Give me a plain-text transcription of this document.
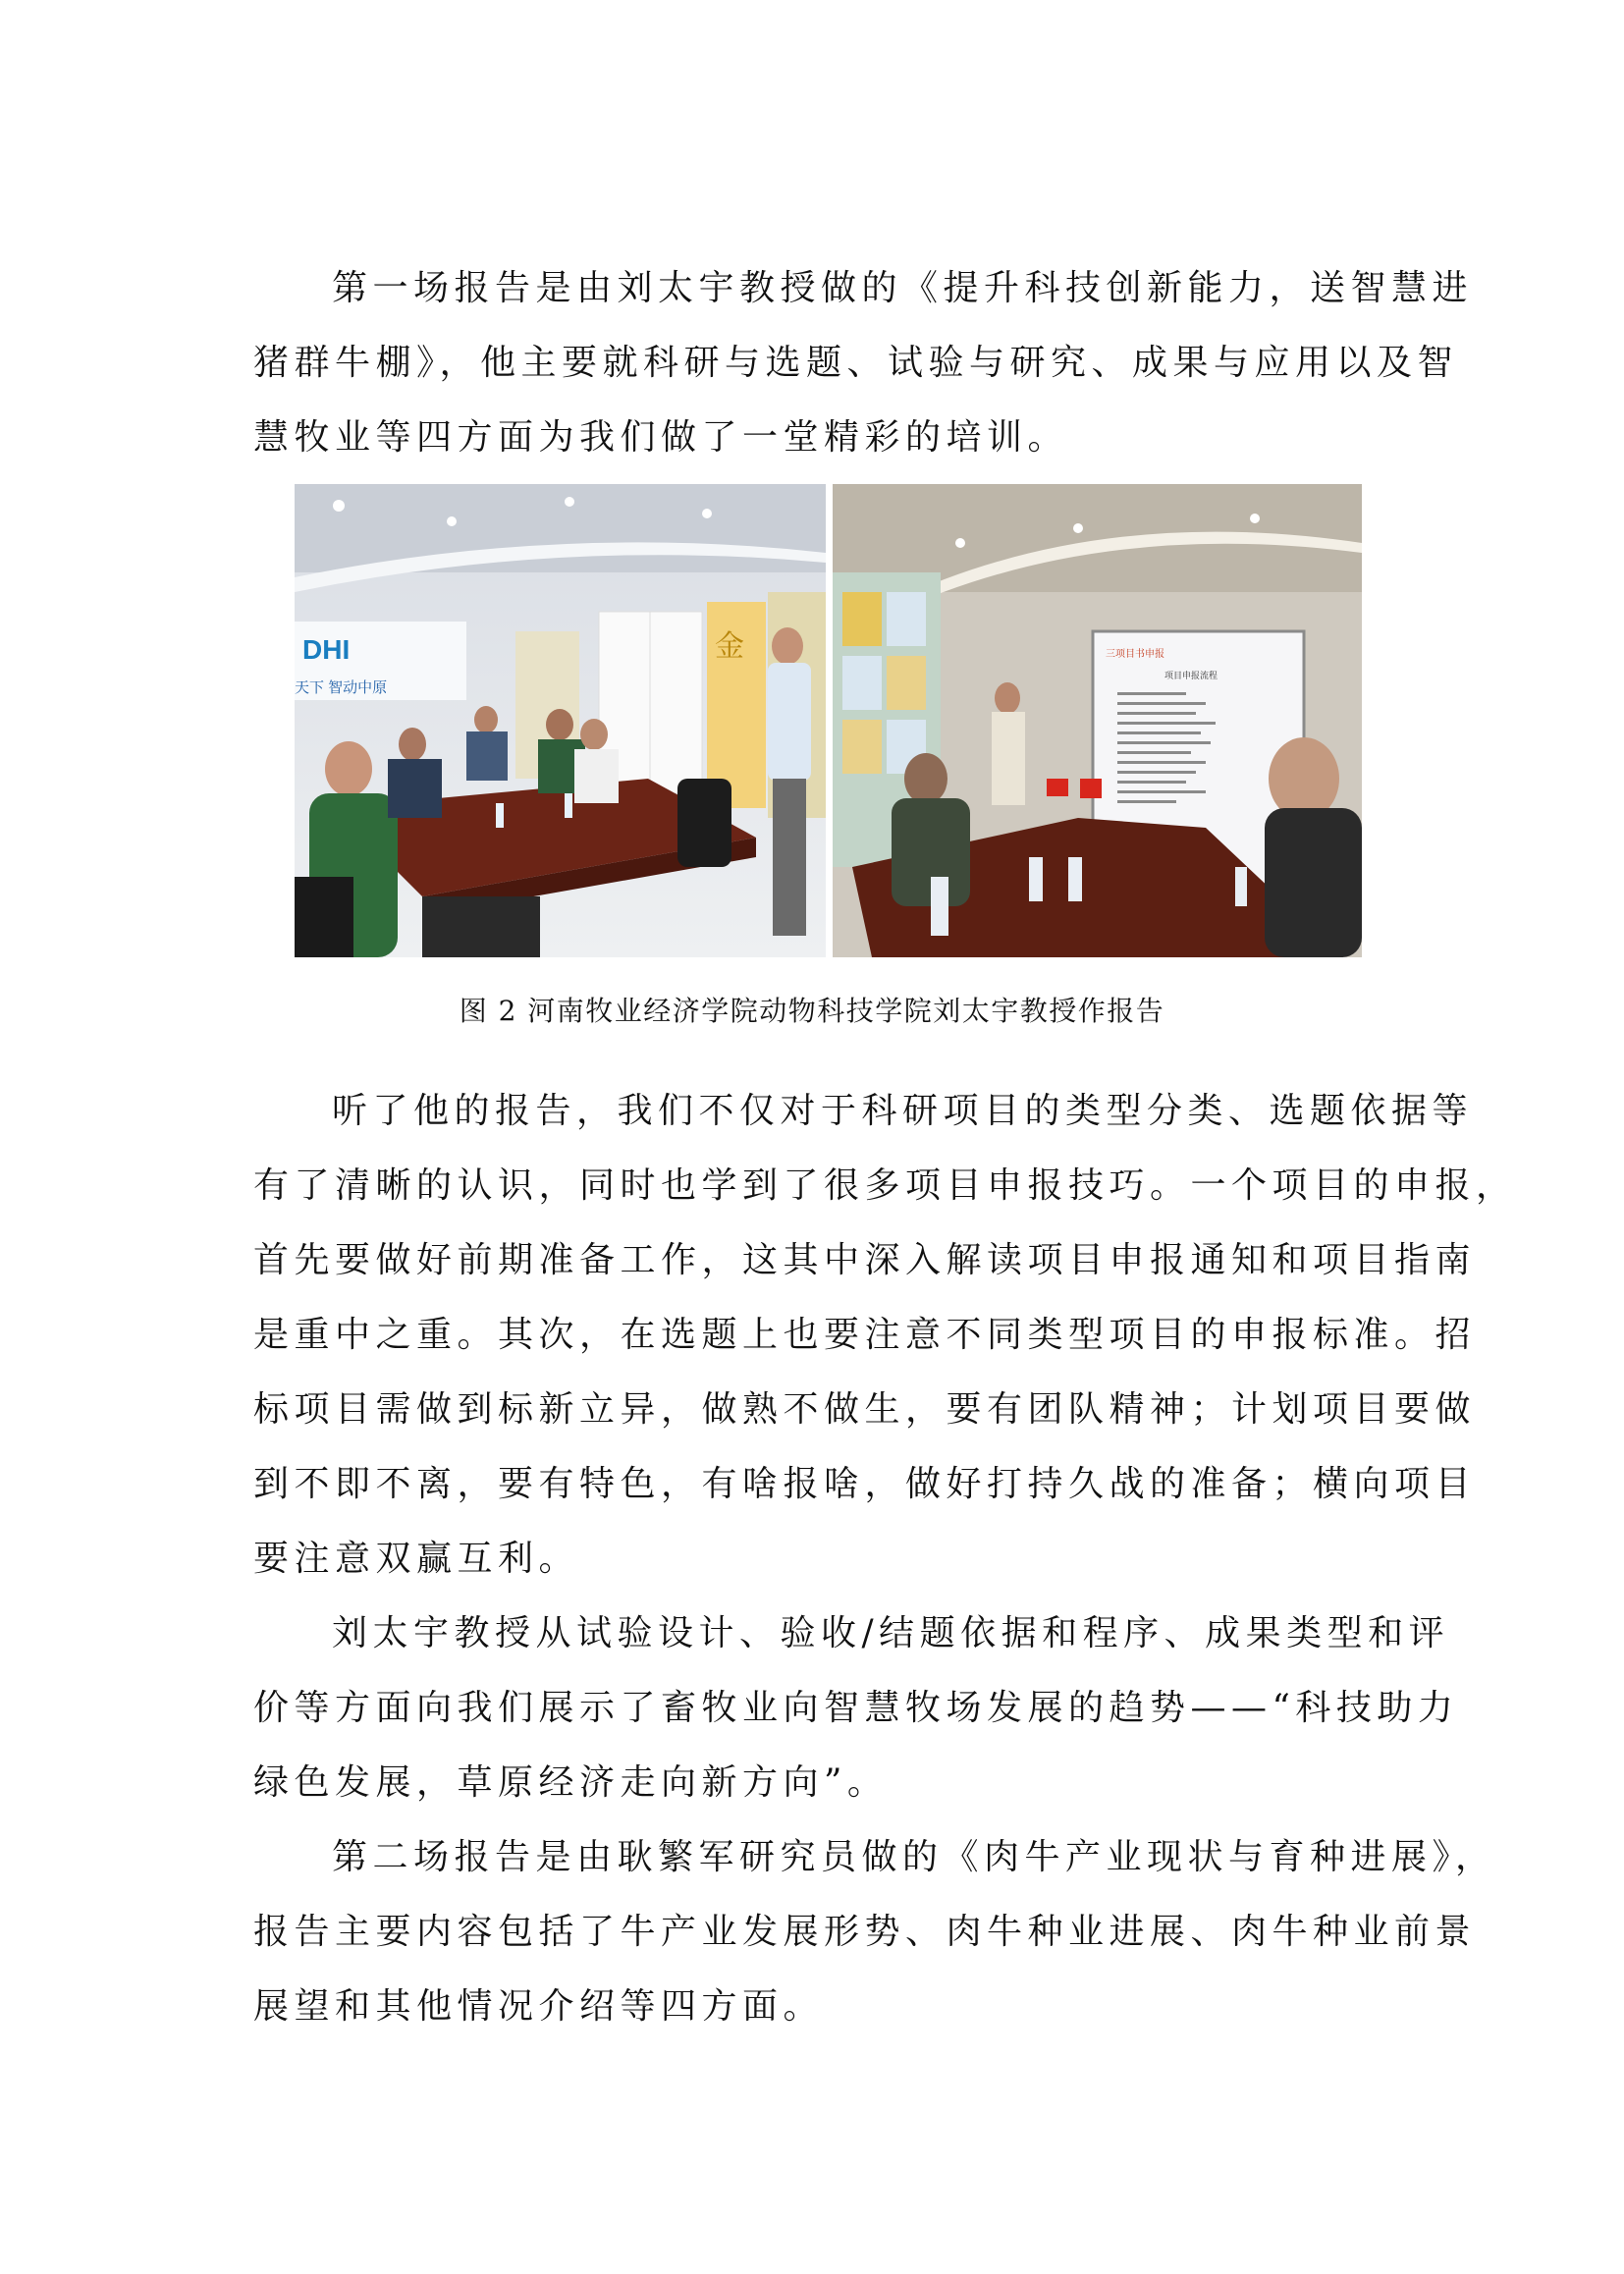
第一场报告是由刘太宇教授做的《提升科技创新能力，送智慧进
猪群牛棚》，他主要就科研与选题、试验与研究、成果与应用以及智
慧牧业等四方面为我们做了一堂精彩的培训。
DHI
天下 智动中原
金	三项目书申报
项目申报流程
图 2 河南牧业经济学院动物科技学院刘太宇教授作报告
听了他的报告，我们不仅对于科研项目的类型分类、选题依据等
有了清晰的认识，同时也学到了很多项目申报技巧。一个项目的申报，
首先要做好前期准备工作，这其中深入解读项目申报通知和项目指南
是重中之重。其次，在选题上也要注意不同类型项目的申报标准。招
标项目需做到标新立异，做熟不做生，要有团队精神；计划项目要做
到不即不离，要有特色，有啥报啥，做好打持久战的准备；横向项目
要注意双赢互利。
刘太宇教授从试验设计、验收/结题依据和程序、成果类型和评
价等方面向我们展示了畜牧业向智慧牧场发展的趋势——“科技助力
绿色发展，草原经济走向新方向”。
第二场报告是由耿繁军研究员做的《肉牛产业现状与育种进展》，
报告主要内容包括了牛产业发展形势、肉牛种业进展、肉牛种业前景
展望和其他情况介绍等四方面。
